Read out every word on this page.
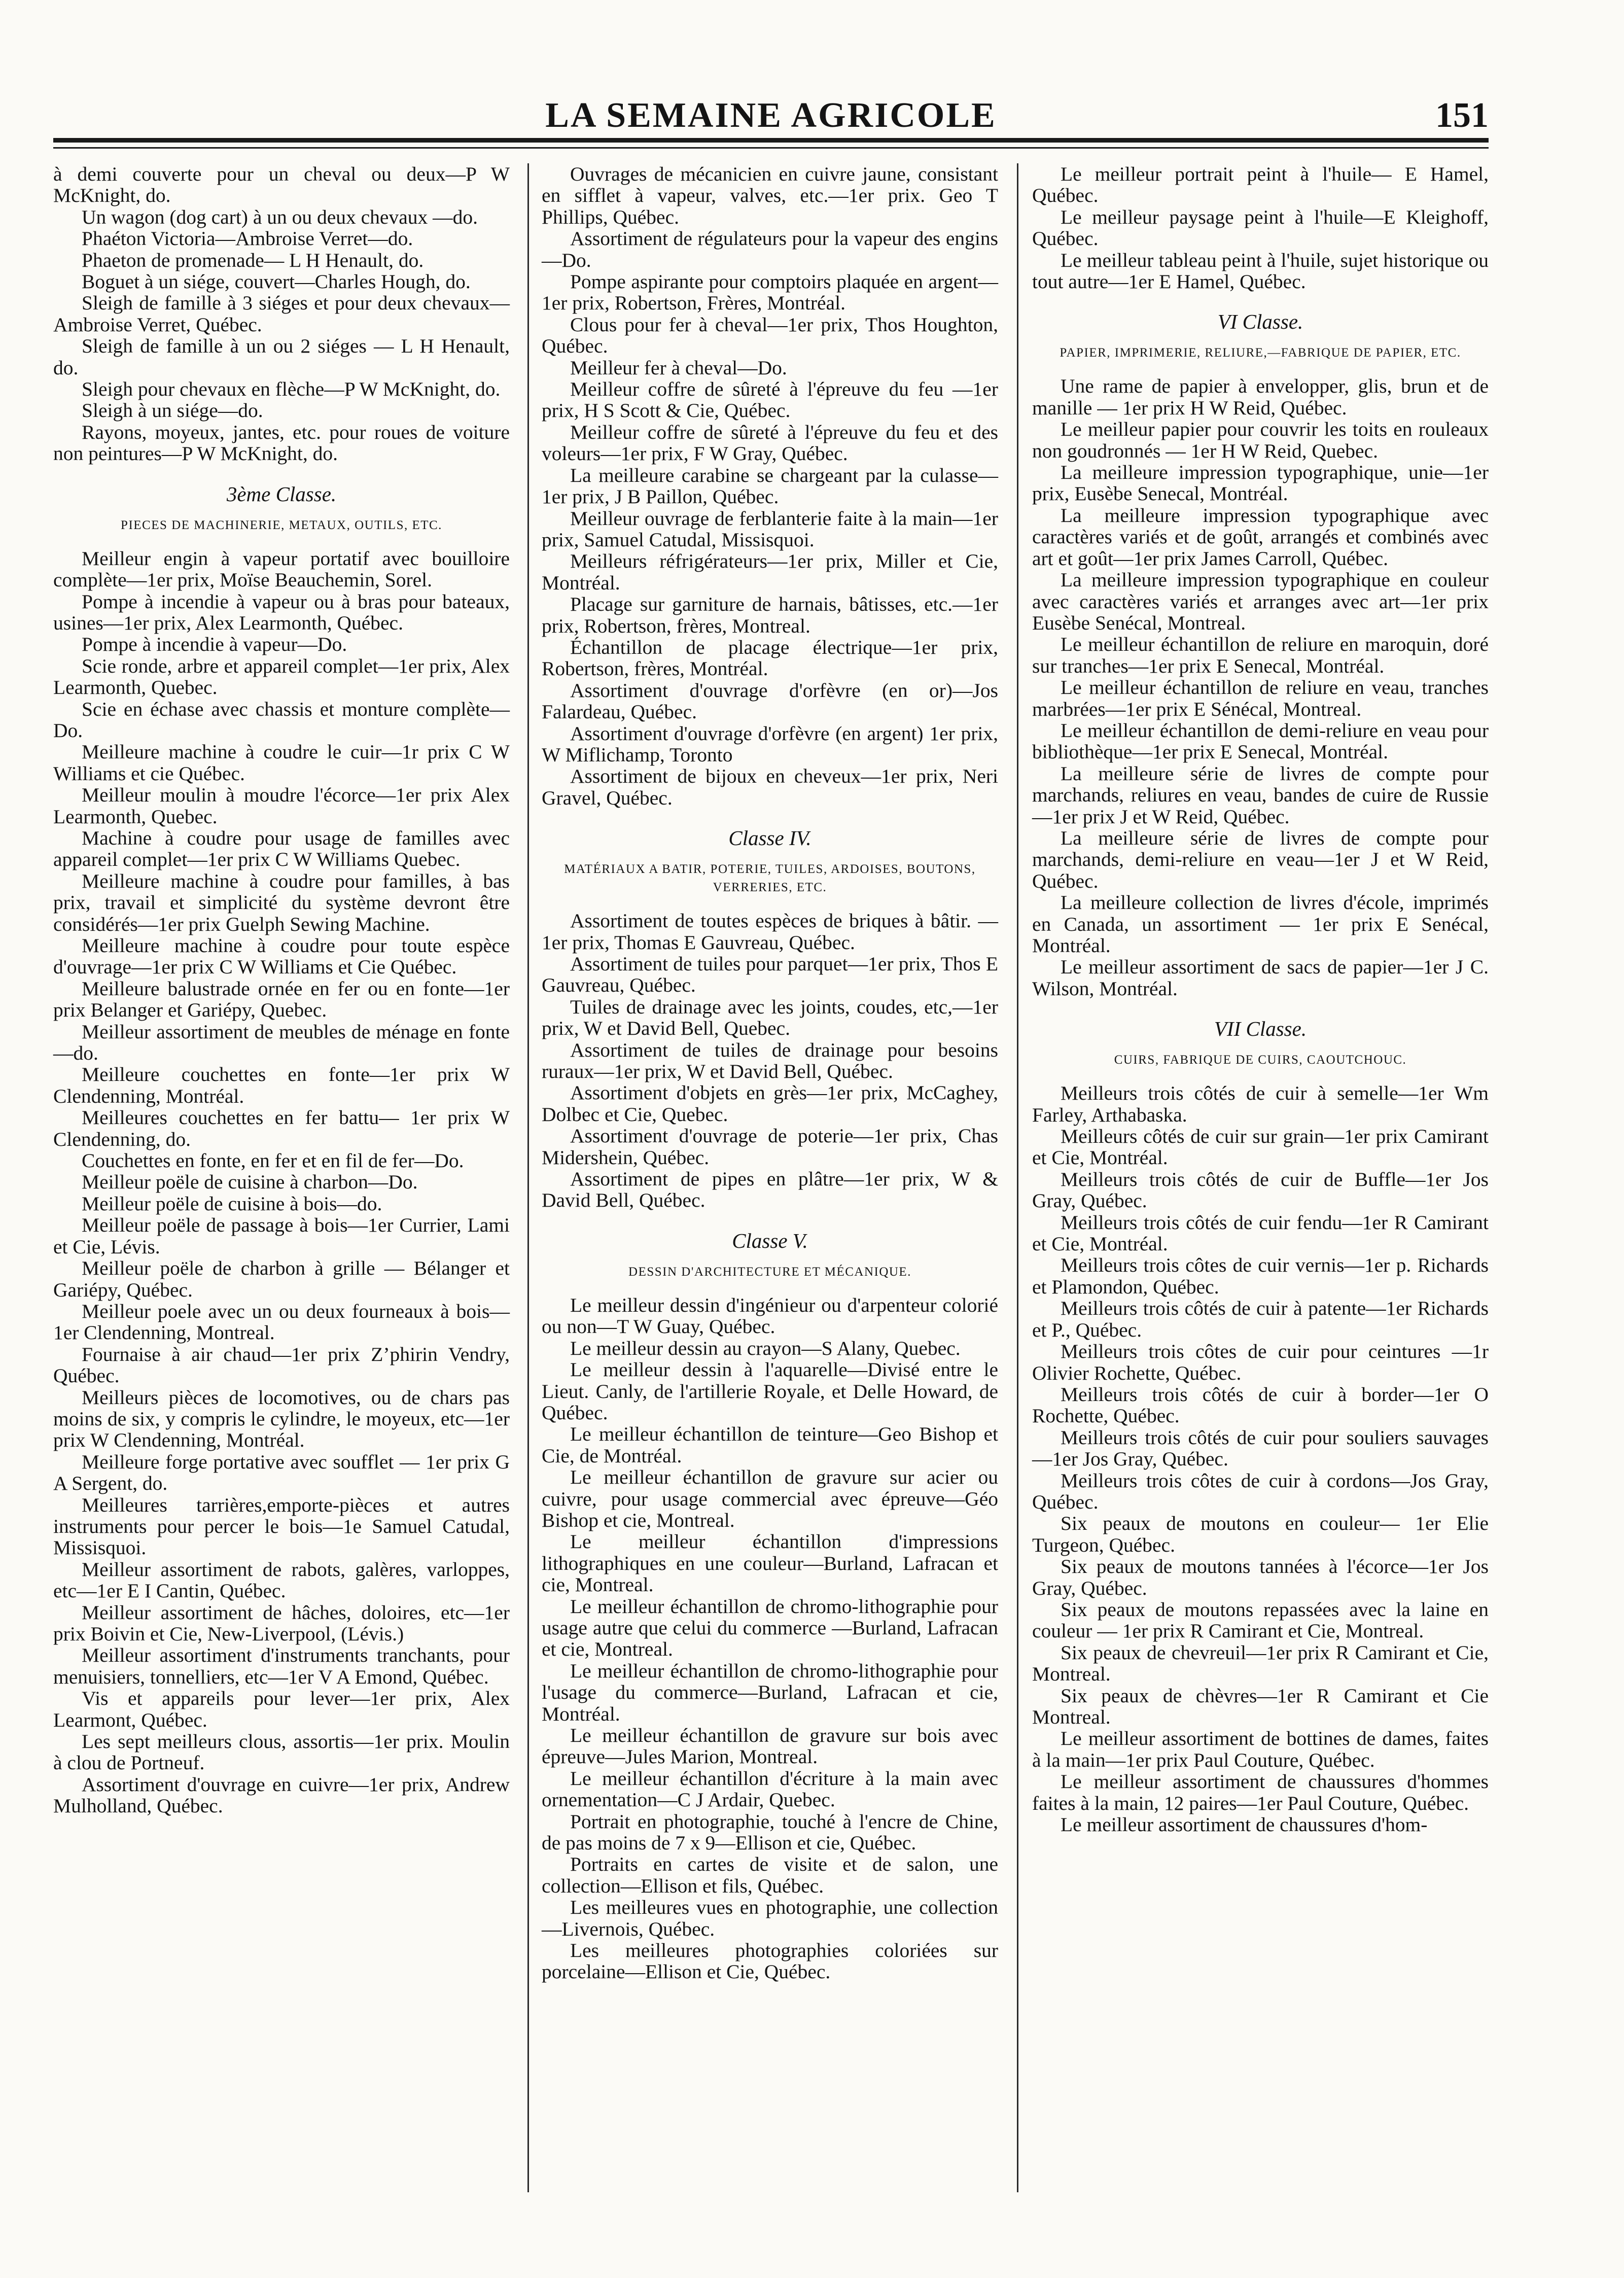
LA SEMAINE AGRICOLE	151

à demi couverte pour un cheval ou deux—P W McKnight, do.

Un wagon (dog cart) à un ou deux chevaux —do.

Phaéton Victoria—Ambroise Verret—do.

Phaeton de promenade— L H Henault, do.

Boguet à un siége, couvert—Charles Hough, do.

Sleigh de famille à 3 siéges et pour deux chevaux—Ambroise Verret, Québec.

Sleigh de famille à un ou 2 siéges — L H Henault, do.

Sleigh pour chevaux en flèche—P W McKnight, do.

Sleigh à un siége—do.

Rayons, moyeux, jantes, etc. pour roues de voiture non peintures—P W McKnight, do.

3ème Classe.
PIECES DE MACHINERIE, METAUX, OUTILS, ETC.

Meilleur engin à vapeur portatif avec bouilloire complète—1er prix, Moïse Beauchemin, Sorel.

Pompe à incendie à vapeur ou à bras pour bateaux, usines—1er prix, Alex Learmonth, Québec.

Pompe à incendie à vapeur—Do.

Scie ronde, arbre et appareil complet—1er prix, Alex Learmonth, Quebec.

Scie en échase avec chassis et monture complète—Do.

Meilleure machine à coudre le cuir—1r prix C W Williams et cie Québec.

Meilleur moulin à moudre l'écorce—1er prix Alex Learmonth, Quebec.

Machine à coudre pour usage de familles avec appareil complet—1er prix C W Williams Quebec.

Meilleure machine à coudre pour familles, à bas prix, travail et simplicité du système devront être considérés—1er prix Guelph Sewing Machine.

Meilleure machine à coudre pour toute espèce d'ouvrage—1er prix C W Williams et Cie Québec.

Meilleure balustrade ornée en fer ou en fonte—1er prix Belanger et Gariépy, Quebec.

Meilleur assortiment de meubles de ménage en fonte—do.

Meilleure couchettes en fonte—1er prix W Clendenning, Montréal.

Meilleures couchettes en fer battu— 1er prix W Clendenning, do.

Couchettes en fonte, en fer et en fil de fer—Do.

Meilleur poële de cuisine à charbon—Do.

Meilleur poële de cuisine à bois—do.

Meilleur poële de passage à bois—1er Currier, Lami et Cie, Lévis.

Meilleur poële de charbon à grille — Bélanger et Gariépy, Québec.

Meilleur poele avec un ou deux fourneaux à bois—1er Clendenning, Montreal.

Fournaise à air chaud—1er prix Z’phirin Vendry, Québec.

Meilleurs pièces de locomotives, ou de chars pas moins de six, y compris le cylindre, le moyeux, etc—1er prix W Clendenning, Montréal.

Meilleure forge portative avec soufflet — 1er prix G A Sergent, do.

Meilleures tarrières,emporte-pièces et autres instruments pour percer le bois—1e Samuel Catudal, Missisquoi.

Meilleur assortiment de rabots, galères, varloppes, etc—1er E I Cantin, Québec.

Meilleur assortiment de hâches, doloires, etc—1er prix Boivin et Cie, New-Liverpool, (Lévis.)

Meilleur assortiment d'instruments tranchants, pour menuisiers, tonnelliers, etc—1er V A Emond, Québec.

Vis et appareils pour lever—1er prix, Alex Learmont, Québec.

Les sept meilleurs clous, assortis—1er prix. Moulin à clou de Portneuf.

Assortiment d'ouvrage en cuivre—1er prix, Andrew Mulholland, Québec.

Ouvrages de mécanicien en cuivre jaune, consistant en sifflet à vapeur, valves, etc.—1er prix. Geo T Phillips, Québec.

Assortiment de régulateurs pour la vapeur des engins—Do.

Pompe aspirante pour comptoirs plaquée en argent—1er prix, Robertson, Frères, Montréal.

Clous pour fer à cheval—1er prix, Thos Houghton, Québec.

Meilleur fer à cheval—Do.

Meilleur coffre de sûreté à l'épreuve du feu —1er prix, H S Scott & Cie, Québec.

Meilleur coffre de sûreté à l'épreuve du feu et des voleurs—1er prix, F W Gray, Québec.

La meilleure carabine se chargeant par la culasse—1er prix, J B Paillon, Québec.

Meilleur ouvrage de ferblanterie faite à la main—1er prix, Samuel Catudal, Missisquoi.

Meilleurs réfrigérateurs—1er prix, Miller et Cie, Montréal.

Placage sur garniture de harnais, bâtisses, etc.—1er prix, Robertson, frères, Montreal.

Échantillon de placage électrique—1er prix, Robertson, frères, Montréal.

Assortiment d'ouvrage d'orfèvre (en or)—Jos Falardeau, Québec.

Assortiment d'ouvrage d'orfèvre (en argent) 1er prix, W Miflichamp, Toronto

Assortiment de bijoux en cheveux—1er prix, Neri Gravel, Québec.

Classe IV.
MATÉRIAUX A BATIR, POTERIE, TUILES, ARDOISES, BOUTONS, VERRERIES, ETC.

Assortiment de toutes espèces de briques à bâtir. — 1er prix, Thomas E Gauvreau, Québec.

Assortiment de tuiles pour parquet—1er prix, Thos E Gauvreau, Québec.

Tuiles de drainage avec les joints, coudes, etc,—1er prix, W et David Bell, Quebec.

Assortiment de tuiles de drainage pour besoins ruraux—1er prix, W et David Bell, Québec.

Assortiment d'objets en grès—1er prix, McCaghey, Dolbec et Cie, Quebec.

Assortiment d'ouvrage de poterie—1er prix, Chas Midershein, Québec.

Assortiment de pipes en plâtre—1er prix, W & David Bell, Québec.

Classe V.
DESSIN D'ARCHITECTURE ET MÉCANIQUE.

Le meilleur dessin d'ingénieur ou d'arpenteur colorié ou non—T W Guay, Québec.

Le meilleur dessin au crayon—S Alany, Quebec.

Le meilleur dessin à l'aquarelle—Divisé entre le Lieut. Canly, de l'artillerie Royale, et Delle Howard, de Québec.

Le meilleur échantillon de teinture—Geo Bishop et Cie, de Montréal.

Le meilleur échantillon de gravure sur acier ou cuivre, pour usage commercial avec épreuve—Géo Bishop et cie, Montreal.

Le meilleur échantillon d'impressions lithographiques en une couleur—Burland, Lafracan et cie, Montreal.

Le meilleur échantillon de chromo-lithographie pour usage autre que celui du commerce —Burland, Lafracan et cie, Montreal.

Le meilleur échantillon de chromo-lithographie pour l'usage du commerce—Burland, Lafracan et cie, Montréal.

Le meilleur échantillon de gravure sur bois avec épreuve—Jules Marion, Montreal.

Le meilleur échantillon d'écriture à la main avec ornementation—C J Ardair, Quebec.

Portrait en photographie, touché à l'encre de Chine, de pas moins de 7 x 9—Ellison et cie, Québec.

Portraits en cartes de visite et de salon, une collection—Ellison et fils, Québec.

Les meilleures vues en photographie, une collection—Livernois, Québec.

Les meilleures photographies coloriées sur porcelaine—Ellison et Cie, Québec.

Le meilleur portrait peint à l'huile— E Hamel, Québec.

Le meilleur paysage peint à l'huile—E Kleighoff, Québec.

Le meilleur tableau peint à l'huile, sujet historique ou tout autre—1er E Hamel, Québec.

VI Classe.
PAPIER, IMPRIMERIE, RELIURE,—FABRIQUE DE PAPIER, ETC.

Une rame de papier à envelopper, glis, brun et de manille — 1er prix H W Reid, Québec.

Le meilleur papier pour couvrir les toits en rouleaux non goudronnés — 1er H W Reid, Quebec.

La meilleure impression typographique, unie—1er prix, Eusèbe Senecal, Montréal.

La meilleure impression typographique avec caractères variés et de goût, arrangés et combinés avec art et goût—1er prix James Carroll, Québec.

La meilleure impression typographique en couleur avec caractères variés et arranges avec art—1er prix Eusèbe Senécal, Montreal.

Le meilleur échantillon de reliure en maroquin, doré sur tranches—1er prix E Senecal, Montréal.

Le meilleur échantillon de reliure en veau, tranches marbrées—1er prix E Sénécal, Montreal.

Le meilleur échantillon de demi-reliure en veau pour bibliothèque—1er prix E Senecal, Montréal.

La meilleure série de livres de compte pour marchands, reliures en veau, bandes de cuire de Russie—1er prix J et W Reid, Québec.

La meilleure série de livres de compte pour marchands, demi-reliure en veau—1er J et W Reid, Québec.

La meilleure collection de livres d'école, imprimés en Canada, un assortiment — 1er prix E Senécal, Montréal.

Le meilleur assortiment de sacs de papier—1er J C. Wilson, Montréal.

VII Classe.
CUIRS, FABRIQUE DE CUIRS, CAOUTCHOUC.

Meilleurs trois côtés de cuir à semelle—1er Wm Farley, Arthabaska.

Meilleurs côtés de cuir sur grain—1er prix Camirant et Cie, Montréal.

Meilleurs trois côtés de cuir de Buffle—1er Jos Gray, Québec.

Meilleurs trois côtés de cuir fendu—1er R Camirant et Cie, Montréal.

Meilleurs trois côtes de cuir vernis—1er p. Richards et Plamondon, Québec.

Meilleurs trois côtés de cuir à patente—1er Richards et P., Québec.

Meilleurs trois côtes de cuir pour ceintures —1r Olivier Rochette, Québec.

Meilleurs trois côtés de cuir à border—1er O Rochette, Québec.

Meilleurs trois côtés de cuir pour souliers sauvages—1er Jos Gray, Québec.

Meilleurs trois côtes de cuir à cordons—Jos Gray, Québec.

Six peaux de moutons en couleur— 1er Elie Turgeon, Québec.

Six peaux de moutons tannées à l'écorce—1er Jos Gray, Québec.

Six peaux de moutons repassées avec la laine en couleur — 1er prix R Camirant et Cie, Montreal.

Six peaux de chevreuil—1er prix R Camirant et Cie, Montreal.

Six peaux de chèvres—1er R Camirant et Cie Montreal.

Le meilleur assortiment de bottines de dames, faites à la main—1er prix Paul Couture, Québec.

Le meilleur assortiment de chaussures d'hommes faites à la main, 12 paires—1er Paul Couture, Québec.

Le meilleur assortiment de chaussures d'hom-
